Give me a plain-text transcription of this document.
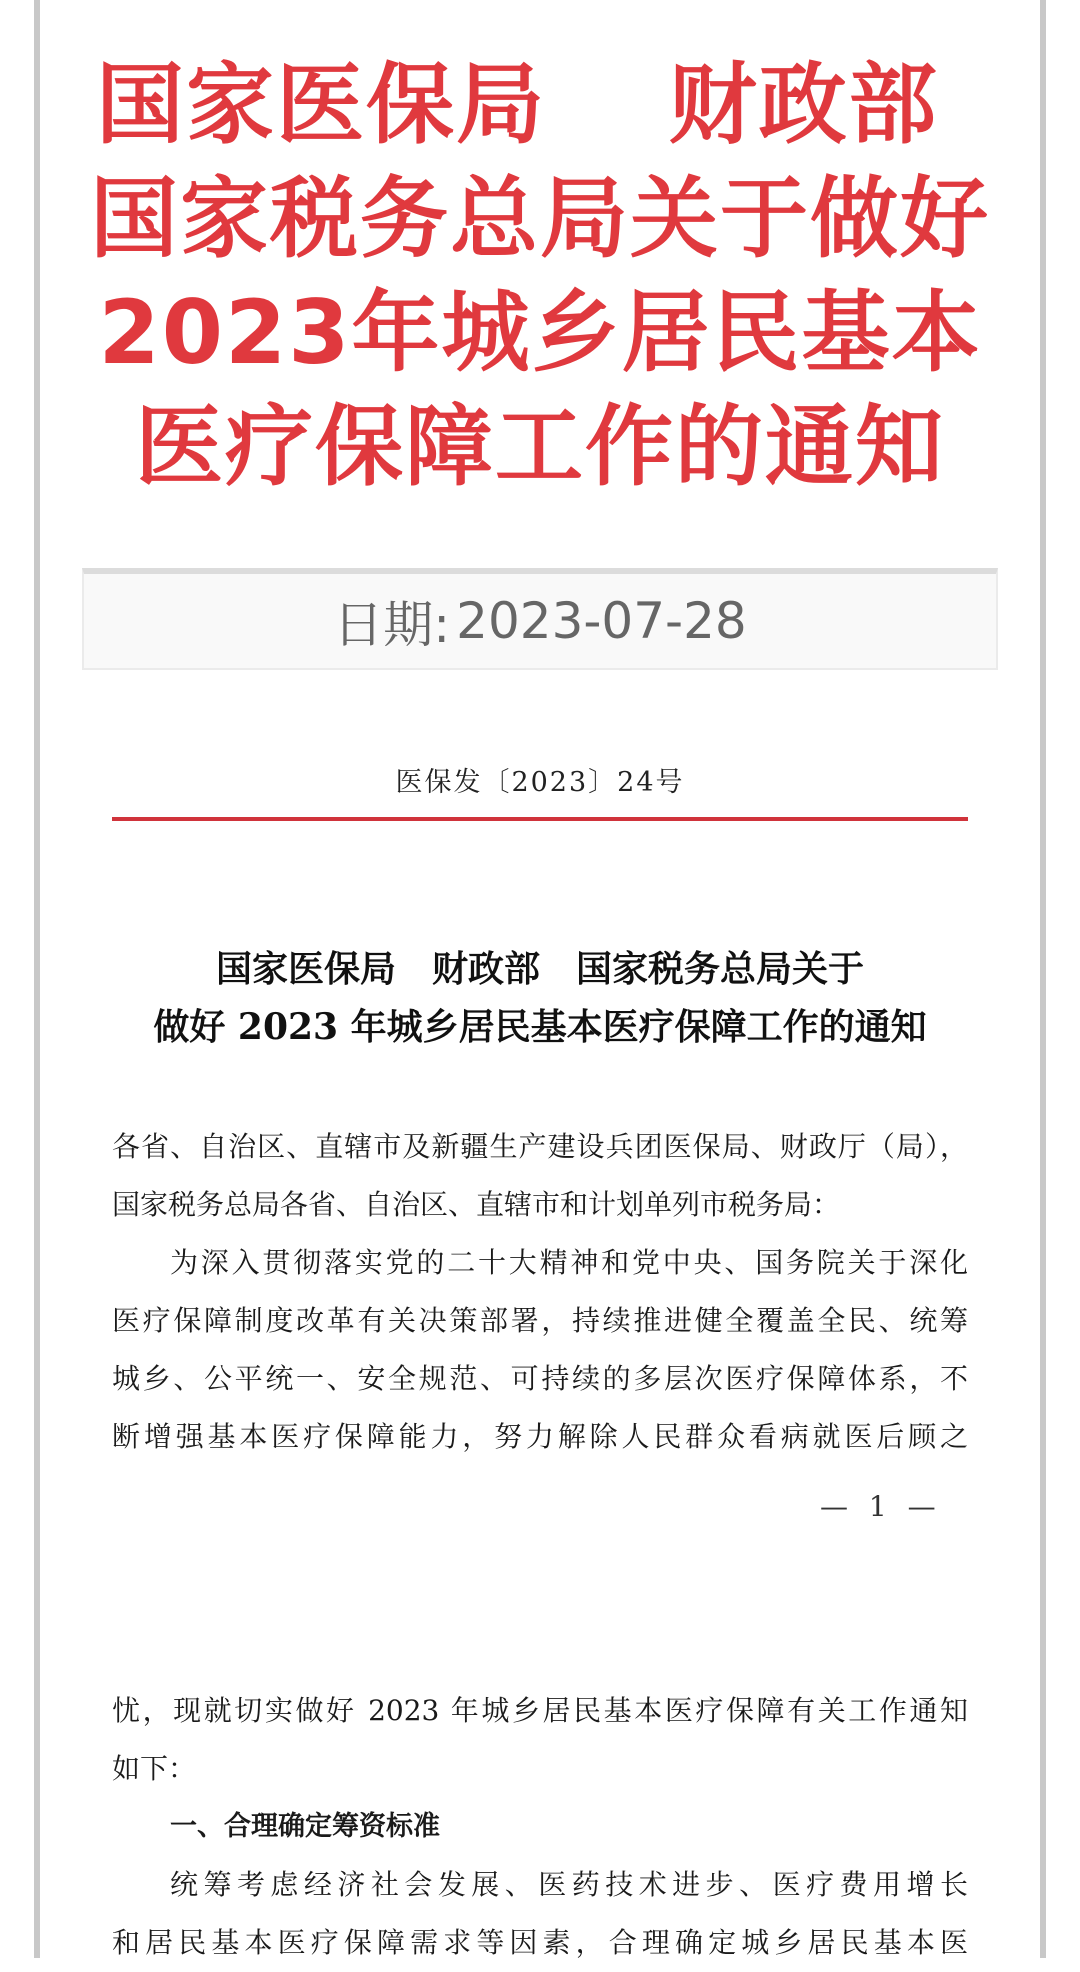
国家医保局　 财政部
国家税务总局关于做好
2023年城乡居民基本
医疗保障工作的通知
日期: 2023-07-28
医保发〔2023〕24号
国家医保局　财政部　国家税务总局关于
做好 2023 年城乡居民基本医疗保障工作的通知

各省、自治区、直辖市及新疆生产建设兵团医保局、财政厅（局），

国家税务总局各省、自治区、直辖市和计划单列市税务局：

为深入贯彻落实党的二十大精神和党中央、国务院关于深化

医疗保障制度改革有关决策部署，持续推进健全覆盖全民、统筹

城乡、公平统一、安全规范、可持续的多层次医疗保障体系，不

断增强基本医疗保障能力，努力解除人民群众看病就医后顾之

— 1 —

忧，现就切实做好 2023 年城乡居民基本医疗保障有关工作通知

如下：

一、合理确定筹资标准

统筹考虑经济社会发展、医药技术进步、医疗费用增长

和居民基本医疗保障需求等因素，合理确定城乡居民基本医
